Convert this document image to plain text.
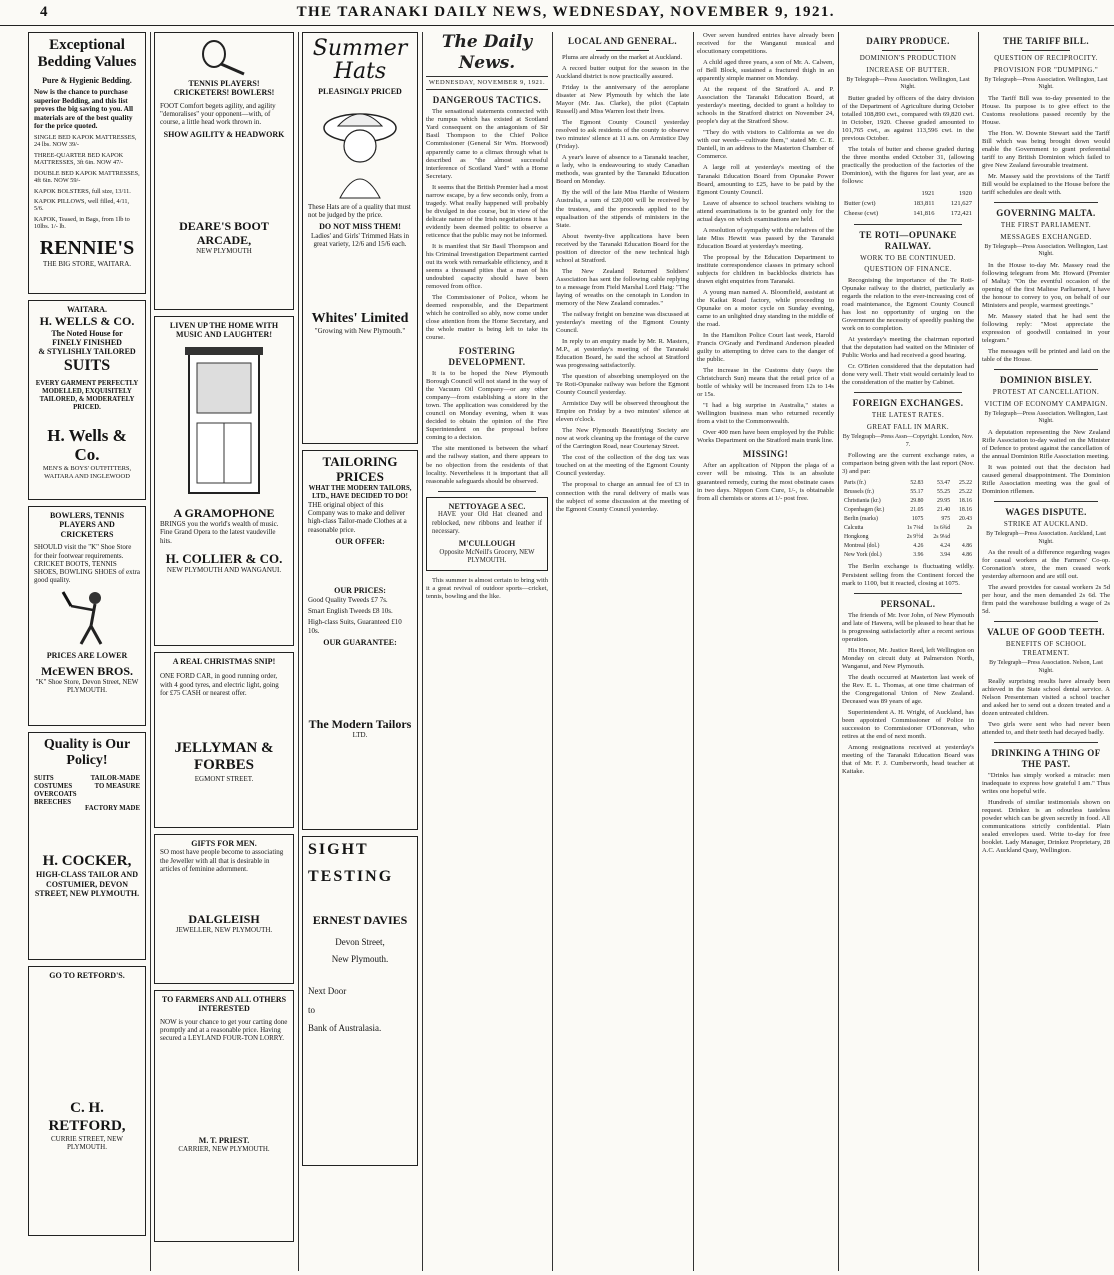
4	THE TARANAKI DAILY NEWS, WEDNESDAY, NOVEMBER 9, 1921.
Exceptional
Bedding Values

Pure & Hygienic Bedding.

Now is the chance to purchase superior Bedding, and this list proves the big saving to you. All materials are of the best quality for the price quoted.

SINGLE BED KAPOK MATTRESSES, 24 lbs. NOW 39/-

THREE-QUARTER BED KAPOK MATTRESSES, 3ft 6in. NOW 47/-

DOUBLE BED KAPOK MATTRESSES, 4ft 6in. NOW 59/-

KAPOK BOLSTERS, full size, 13/11.

KAPOK PILLOWS, well filled, 4/11, 5/6.

KAPOK, Teased, in Bags, from 1lb to 10lbs. 1/- lb.

RENNIE'S
THE BIG STORE, WAITARA.
WAITARA.
H. WELLS & CO.
The Noted House for
FINELY FINISHED
& STYLISHLY TAILORED
SUITS

EVERY GARMENT PERFECTLY MODELLED, EXQUISITELY TAILORED, & MODERATELY PRICED.

H. Wells & Co.
MEN'S & BOYS' OUTFITTERS, WAITARA AND INGLEWOOD
BOWLERS, TENNIS PLAYERS AND CRICKETERS

SHOULD visit the "K" Shoe Store for their footwear requirements. CRICKET BOOTS, TENNIS SHOES, BOWLING SHOES of extra good quality.

PRICES ARE LOWER
McEWEN BROS.
"K" Shoe Store, Devon Street, NEW PLYMOUTH.
Quality is Our Policy!
SUITS
COSTUMES
OVERCOATS
BREECHES
TAILOR-MADE
TO MEASURE
FACTORY MADE
H. COCKER,
HIGH-CLASS TAILOR AND COSTUMIER, DEVON STREET, NEW PLYMOUTH.
GO TO RETFORD'S.
C. H. RETFORD,
CURRIE STREET, NEW PLYMOUTH.
TENNIS PLAYERS! CRICKETERS! BOWLERS!

FOOT Comfort begets agility, and agility "demoralises" your opponent—with, of course, a little head work thrown in.

SHOW AGILITY & HEADWORK
DEARE'S BOOT ARCADE,
NEW PLYMOUTH
LIVEN UP THE HOME WITH MUSIC AND LAUGHTER!
A GRAMOPHONE

BRINGS you the world's wealth of music. Fine Grand Opera to the latest vaudeville hits.

H. COLLIER & CO.
NEW PLYMOUTH AND WANGANUI.
A REAL CHRISTMAS SNIP!

ONE FORD CAR, in good running order, with 4 good tyres, and electric light, going for £75 CASH or nearest offer.

JELLYMAN & FORBES
EGMONT STREET.
GIFTS FOR MEN.

SO most have people become to associating the Jeweller with all that is desirable in articles of feminine adornment.

DALGLEISH
JEWELLER, NEW PLYMOUTH.
TO FARMERS AND ALL OTHERS INTERESTED

NOW is your chance to get your carting done promptly and at a reasonable price. Having secured a LEYLAND FOUR-TON LORRY.

M. T. PRIEST.
CARRIER, NEW PLYMOUTH.
Summer Hats
PLEASINGLY PRICED

These Hats are of a quality that must not be judged by the price.

DO NOT MISS THEM!

Ladies' and Girls' Trimmed Hats in great variety, 12/6 and 15/6 each.

Whites' Limited
"Growing with New Plymouth."
TAILORING PRICES
WHAT THE MODERN TAILORS, LTD., HAVE DECIDED TO DO!

THE original object of this Company was to make and deliver high-class Tailor-made Clothes at a reasonable price.

OUR OFFER:
OUR PRICES:

Good Quality Tweeds £7 7s.

Smart English Tweeds £8 10s.

High-class Suits, Guaranteed £10 10s.

OUR GUARANTEE:
The Modern Tailors
LTD.
SIGHT
TESTING
ERNEST DAVIES
Devon Street,
New Plymouth.
Next Door
to
Bank of Australasia.
The Daily News.
WEDNESDAY, NOVEMBER 9, 1921.
DANGEROUS TACTICS.

The sensational statements connected with the rumpus which has existed at Scotland Yard consequent on the antagonism of Sir Basil Thompson to the Chief Police Commissioner (General Sir Wm. Horwood) apparently came to a climax through what is described as "the almost successful interference of Scotland Yard" with a Home Secretary.

It seems that the British Premier had a most narrow escape, by a few seconds only, from a tragedy. What really happened will probably be divulged in due course, but in view of the delicate nature of the Irish negotiations it has evidently been deemed politic to observe a reticence that the public may not be informed.

It is manifest that Sir Basil Thompson and his Criminal Investigation Department carried out its work with remarkable efficiency, and it seems a thousand pities that a man of his undoubted capacity should have been removed from office.

The Commissioner of Police, whom he deemed responsible, and the Department which he controlled so ably, now come under close attention from the Home Secretary, and the whole matter is being left to take its course.

FOSTERING DEVELOPMENT.

It is to be hoped the New Plymouth Borough Council will not stand in the way of the Vacuum Oil Company—or any other company—from establishing a store in the town. The application was considered by the council on Monday evening, when it was decided to obtain the opinion of the Fire Superintendent on the proposal before coming to a decision.

The site mentioned is between the wharf and the railway station, and there appears to be no objection from the residents of that locality. Nevertheless it is important that all reasonable safeguards should be observed.

NETTOYAGE A SEC.

HAVE your Old Hat cleaned and reblocked, new ribbons and leather if necessary.

M'CULLOUGH
Opposite McNeill's Grocery, NEW PLYMOUTH.

This summer is almost certain to bring with it a great revival of outdoor sports—cricket, tennis, bowling and the like.

LOCAL AND GENERAL.

Plums are already on the market at Auckland.

A record butter output for the season in the Auckland district is now practically assured.

Friday is the anniversary of the aeroplane disaster at New Plymouth by which the late Mayor (Mr. Jas. Clarke), the pilot (Captain Russell) and Miss Warren lost their lives.

The Egmont County Council yesterday resolved to ask residents of the county to observe two minutes' silence at 11 a.m. on Armistice Day (Friday).

A year's leave of absence to a Taranaki teacher, a lady, who is endeavouring to study Canadian methods, was granted by the Taranaki Education Board on Monday.

By the will of the late Miss Hardie of Western Australia, a sum of £20,000 will be received by the trustees, and the proceeds applied to the equalisation of the stipends of ministers in the State.

About twenty-five applications have been received by the Taranaki Education Board for the position of director of the new technical high school at Stratford.

The New Zealand Returned Soldiers' Association has sent the following cable replying to a message from Field Marshal Lord Haig: "The laying of wreaths on the cenotaph in London in memory of the New Zealand comrades."

The railway freight on benzine was discussed at yesterday's meeting of the Egmont County Council.

In reply to an enquiry made by Mr. R. Masters, M.P., at yesterday's meeting of the Taranaki Education Board, he said the school at Stratford was progressing satisfactorily.

The question of absorbing unemployed on the Te Roti-Opunake railway was before the Egmont County Council yesterday.

Armistice Day will be observed throughout the Empire on Friday by a two minutes' silence at eleven o'clock.

The New Plymouth Beautifying Society are now at work cleaning up the frontage of the curve of the Carrington Road, near Courtenay Street.

The cost of the collection of the dog tax was touched on at the meeting of the Egmont County Council yesterday.

The proposal to charge an annual fee of £3 in connection with the rural delivery of mails was the subject of some discussion at the meeting of the Egmont County Council yesterday.

Over seven hundred entries have already been received for the Wanganui musical and elocutionary competitions.

A child aged three years, a son of Mr. A. Calwen, of Bell Block, sustained a fractured thigh in an apparently simple manner on Monday.

At the request of the Stratford A. and P. Association the Taranaki Education Board, at yesterday's meeting, decided to grant a holiday to schools in the Stratford district on November 24, people's day at the Stratford Show.

"They do with visitors to California as we do with our weeds—cultivate them," stated Mr. C. E. Daniell, in an address to the Masterton Chamber of Commerce.

A large roll at yesterday's meeting of the Taranaki Education Board from Opunake Power Board, amounting to £25, have to be paid by the Egmont County Council.

Leave of absence to school teachers wishing to attend examinations is to be granted only for the actual days on which examinations are held.

A resolution of sympathy with the relatives of the late Miss Hewitt was passed by the Taranaki Education Board at yesterday's meeting.

The proposal by the Education Department to institute correspondence classes in primary school subjects for children in backblocks districts has drawn eight enquiries from Taranaki.

A young man named A. Bloomfield, assistant at the Kaikat Road factory, while proceeding to Opunake on a motor cycle on Sunday evening, came to an unlighted dray standing in the middle of the road.

In the Hamilton Police Court last week, Harold Francis O'Grady and Ferdinand Anderson pleaded guilty to attempting to drive cars to the danger of the public.

The increase in the Customs duty (says the Christchurch Sun) means that the retail price of a bottle of whisky will be increased from 12s to 14s or 15s.

"I had a big surprise in Australia," states a Wellington business man who returned recently from a visit to the Commonwealth.

Over 400 men have been employed by the Public Works Department on the Stratford main trunk line.

MISSING!

After an application of Nippon the plaga of a cover will be missing. This is an absolute guaranteed remedy, curing the most obstinate cases in two days. Nippon Corn Cure, 1/-, is obtainable from all chemists or stores at 1/- post free.

DAIRY PRODUCE.
DOMINION'S PRODUCTION
INCREASE OF BUTTER.

By Telegraph—Press Association. Wellington, Last Night.

Butter graded by officers of the dairy division of the Department of Agriculture during October totalled 108,890 cwt., compared with 69,820 cwt. in October, 1920. Cheese graded amounted to 101,765 cwt., as against 113,596 cwt. in the previous October.

The totals of butter and cheese graded during the three months ended October 31, (allowing practically the production of the factories of the Dominion), with the figures for last year, are as follows:

	1921	1920
Butter (cwt)	183,811	121,627
Cheese (cwt)	141,816	172,421
TE ROTI—OPUNAKE RAILWAY.
WORK TO BE CONTINUED.
QUESTION OF FINANCE.

Recognising the importance of the Te Roti-Opunake railway to the district, particularly as regards the relation to the ever-increasing cost of road maintenance, the Egmont County Council has lost no opportunity of urging on the Government the necessity of speedily pushing the work on to completion.

At yesterday's meeting the chairman reported that the deputation had waited on the Minister of Public Works and had received a good hearing.

Cr. O'Brien considered that the deputation had done very well. Their visit would certainly lead to the consideration of the matter by Cabinet.

FOREIGN EXCHANGES.
THE LATEST RATES.
GREAT FALL IN MARK.

By Telegraph—Press Assn—Copyright. London, Nov. 7.

Following are the current exchange rates, a comparison being given with the last report (Nov. 3) and par:

Paris (fr.)	52.83	53.47	25.22
Brussels (fr.)	55.17	55.25	25.22
Christiania (kr.)	29.80	29.95	18.16
Copenhagen (kr.)	21.05	21.40	18.16
Berlin (marks)	1075	975	20.43
Calcutta	1s 7¼d	1s 6¾d	2s
Hongkong	2s 9½d	2s 9¼d	
Montreal (dol.)	4.26	4.24	4.86
New York (dol.)	3.96	3.94	4.86

The Berlin exchange is fluctuating wildly. Persistent selling from the Continent forced the mark to 1100, but it reacted, closing at 1075.

PERSONAL.

The friends of Mr. Ivor John, of New Plymouth and late of Hawera, will be pleased to hear that he is progressing satisfactorily after a recent serious operation.

His Honor, Mr. Justice Reed, left Wellington on Monday on circuit duty at Palmerston North, Wanganui, and New Plymouth.

The death occurred at Masterton last week of the Rev. E. L. Thomas, at one time chairman of the Congregational Union of New Zealand. Deceased was 89 years of age.

Superintendent A. H. Wright, of Auckland, has been appointed Commissioner of Police in succession to Commissioner O'Donovan, who retires at the end of next month.

Among resignations received at yesterday's meeting of the Taranaki Education Board was that of Mr. F. J. Cumberworth, head teacher at Kaitake.

THE TARIFF BILL.
QUESTION OF RECIPROCITY.
PROVISION FOR "DUMPING."

By Telegraph—Press Association. Wellington, Last Night.

The Tariff Bill was to-day presented to the House. Its purpose is to give effect to the Customs resolutions passed recently by the House.

The Hon. W. Downie Stewart said the Tariff Bill which was being brought down would enable the Government to grant preferential tariff to any British Dominion which failed to give New Zealand favourable treatment.

Mr. Massey said the provisions of the Tariff Bill would be explained to the House before the tariff schedules are dealt with.

GOVERNING MALTA.
THE FIRST PARLIAMENT.
MESSAGES EXCHANGED.

By Telegraph—Press Association. Wellington, Last Night.

In the House to-day Mr. Massey read the following telegram from Mr. Howard (Premier of Malta): "On the eventful occasion of the opening of the first Maltese Parliament, I have the honour to convey to you, on behalf of our Ministers and people, warmest greetings."

Mr. Massey stated that he had sent the following reply: "Most appreciate the expression of goodwill contained in your telegram."

The messages will be printed and laid on the table of the House.

DOMINION BISLEY.
PROTEST AT CANCELLATION.
VICTIM OF ECONOMY CAMPAIGN.

By Telegraph—Press Association. Wellington, Last Night.

A deputation representing the New Zealand Rifle Association to-day waited on the Minister of Defence to protest against the cancellation of the annual Dominion Rifle Association meeting.

It was pointed out that the decision had caused general disappointment. The Dominion Rifle Association meeting was the goal of Dominion riflemen.

WAGES DISPUTE.
STRIKE AT AUCKLAND.

By Telegraph—Press Association. Auckland, Last Night.

As the result of a difference regarding wages for casual workers at the Farmers' Co-op. Coronation's store, the men ceased work yesterday afternoon and are still out.

The award provides for casual workers 2s 5d per hour, and the men demanded 2s 6d. The firm paid the warehouse building a wage of 2s 5d.

VALUE OF GOOD TEETH.
BENEFITS OF SCHOOL TREATMENT.

By Telegraph—Press Association. Nelson, Last Night.

Really surprising results have already been achieved in the State school dental service. A Nelson Presenteman visited a school teacher and asked her to send out a dozen treated and a dozen untreated children.

Two girls were sent who had never been attended to, and their teeth had decayed badly.

DRINKING A THING OF THE PAST.

"Drinks has simply worked a miracle: men inadequate to express how grateful I am." Thus writes one hopeful wife.

Hundreds of similar testimonials shown on request. Drinkez is an odourless tasteless powder which can be given secretly in food. All communications strictly confidential. Plain sealed envelopes used. Write to-day for free booklet. Lady Manager, Drinkez Proprietary, 28 A.C. Auckland Quay, Wellington.
